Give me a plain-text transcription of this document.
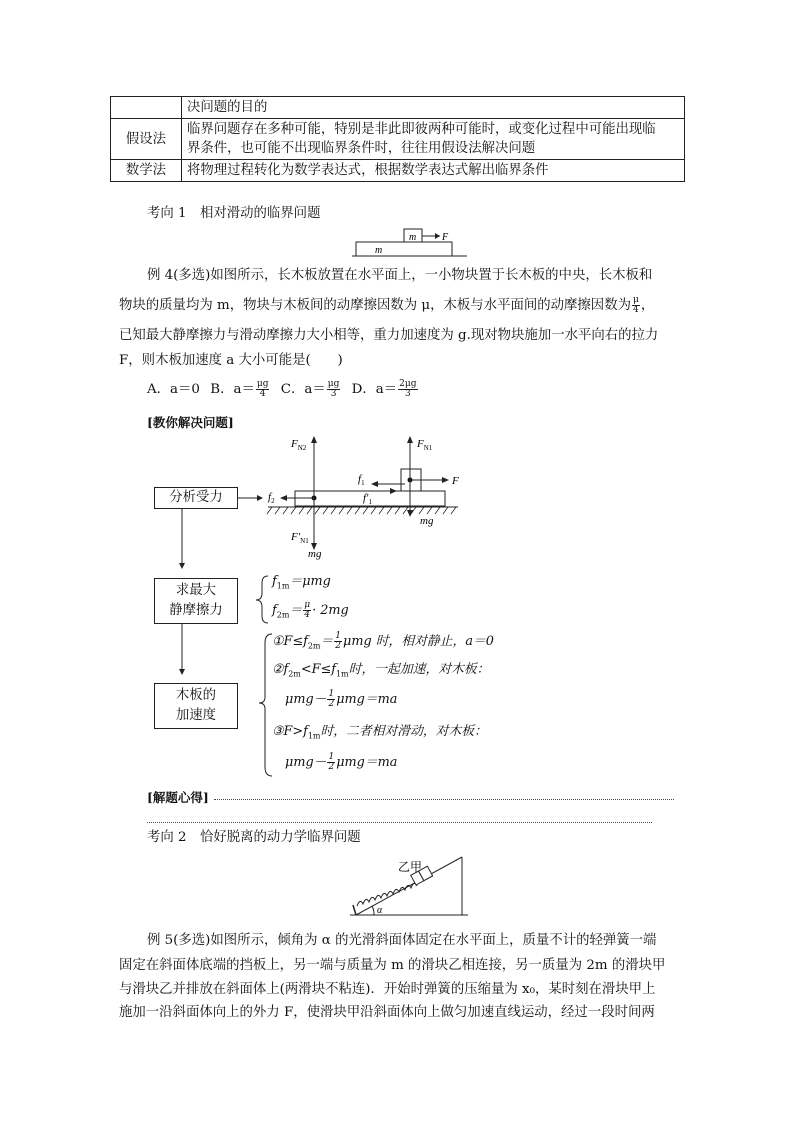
	决问题的目的
假设法	临界问题存在多种可能，特别是非此即彼两种可能时，或变化过程中可能出现临
界条件，也可能不出现临界条件时，往往用假设法解决问题

数学法	将物理过程转化为数学表达式，根据数学表达式解出临界条件
考向 1　相对滑动的临界问题
m
m
F
例 4(多选)如图所示，长木板放置在水平面上，一小物块置于长木板的中央，长木板和
物块的质量均为 m，物块与木板间的动摩擦因数为 μ，木板与水平面间的动摩擦因数为 $\frac{\mu}{4}$ ，
已知最大静摩擦力与滑动摩擦力大小相等，重力加速度为 g.现对物块施加一水平向右的拉力
F，则木板加速度 a 大小可能是(　　)
A．a＝0 B．$a= \frac{\mu g}{4}$ C．$a= \frac{\mu g}{3}$ D．$a= \frac{2\mu g}{3}$
[教你解决问题]
$F_{N2}$	$F_{N1}$
$f_1$
$f'_1$
$f_2$
F
mg
$F'_{N1}$
mg
分析受力
求最大
静摩擦力
木板的
加速度
$f_{1m}=\mu mg$
$f_{2m}= \frac{\mu}{4} \cdot 2mg$
$①F\le f_{2m}= \frac{1}{2}$ μmg 时，相对静止，a＝0
$②f_{2m}<F\le f_{1m}$时，一起加速，对木板：
$\mu mg- \frac{1}{2} \mu mg=ma$
$③F>f_{1m}$时，二者相对滑动，对木板：
$\mu mg- \frac{1}{2} \mu mg=ma$
[解题心得]
考向 2　恰好脱离的动力学临界问题
α
乙甲
例 5(多选)如图所示，倾角为 α 的光滑斜面体固定在水平面上，质量不计的轻弹簧一端
固定在斜面体底端的挡板上，另一端与质量为 m 的滑块乙相连接，另一质量为 2m 的滑块甲
与滑块乙并排放在斜面体上(两滑块不粘连)．开始时弹簧的压缩量为 x₀，某时刻在滑块甲上
施加一沿斜面体向上的外力 F，使滑块甲沿斜面体向上做匀加速直线运动，经过一段时间两
